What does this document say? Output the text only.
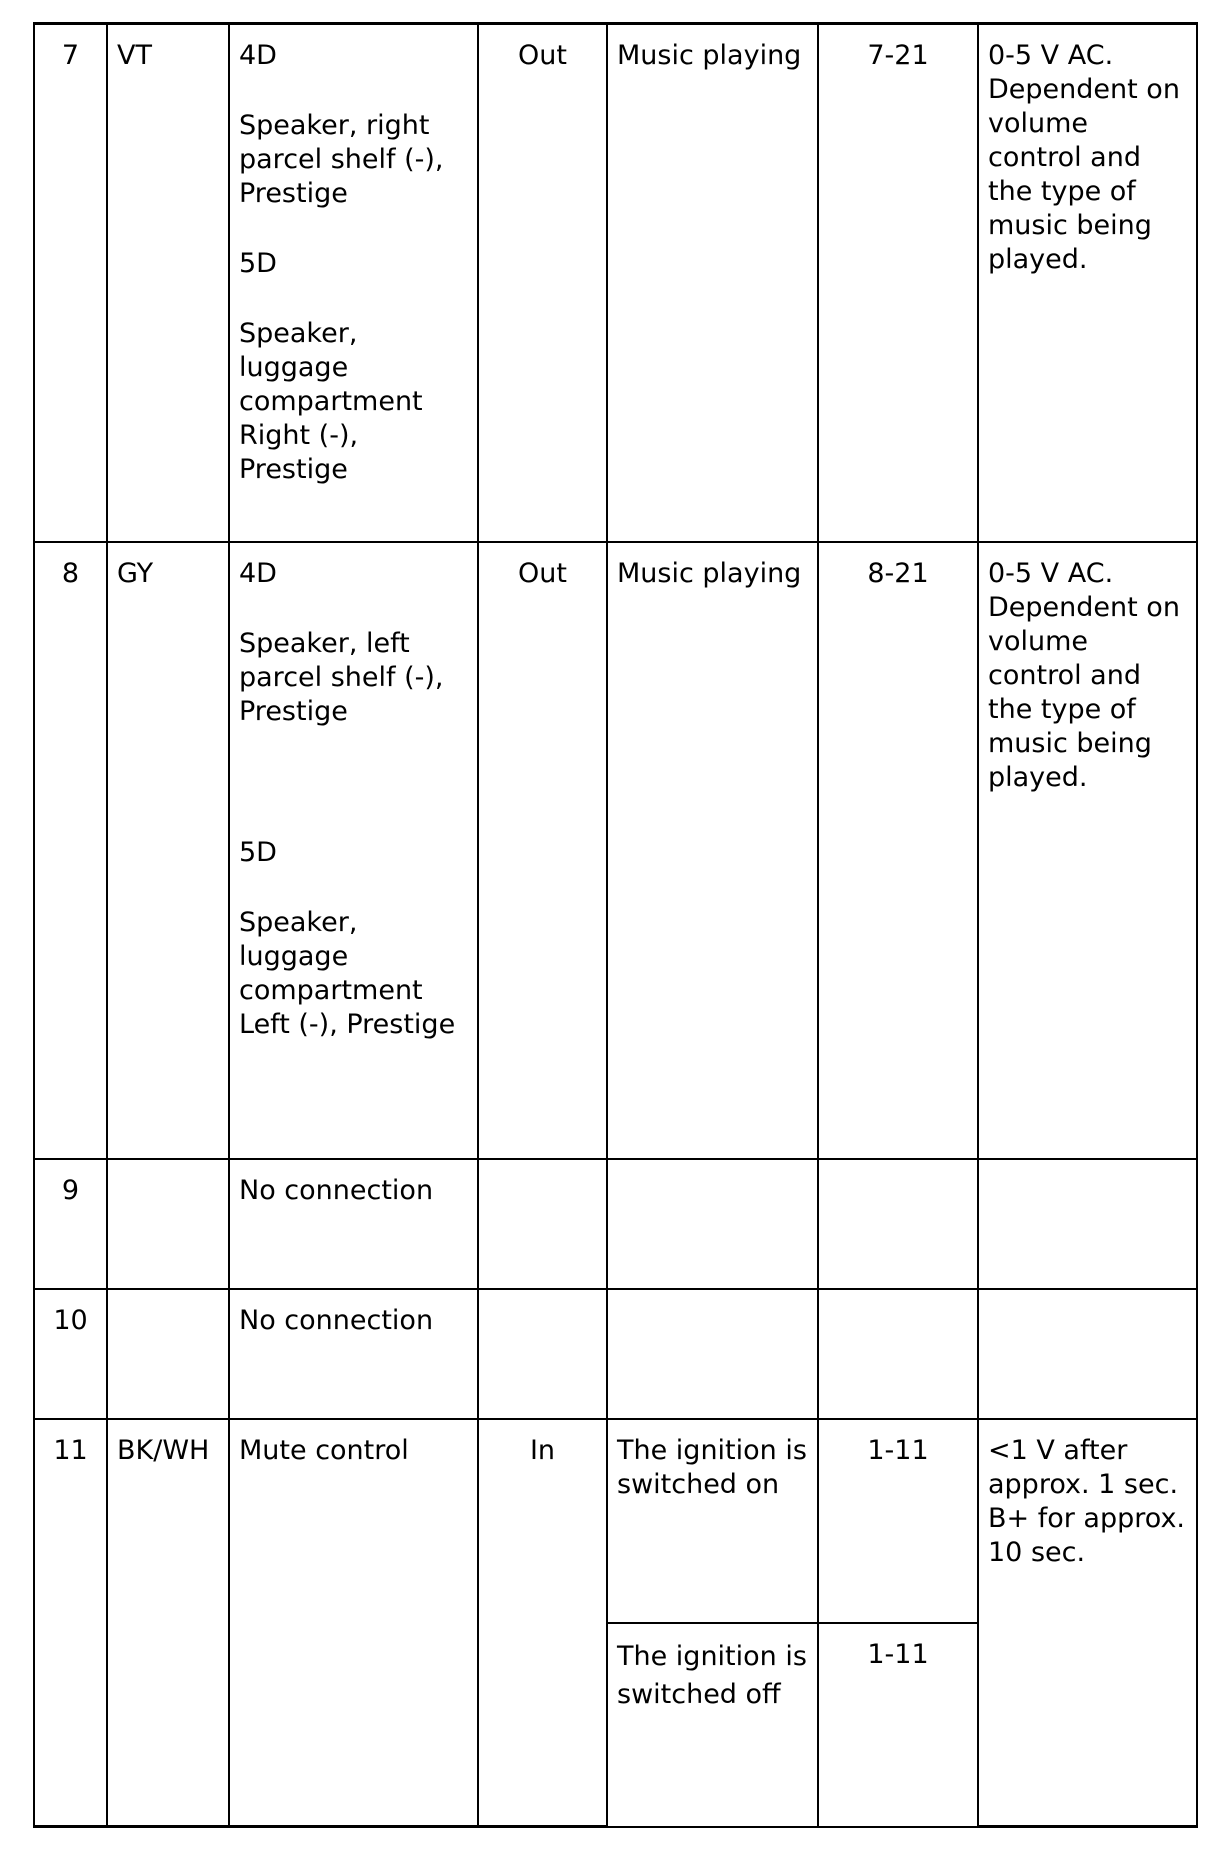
7	VT	4D
Speaker, right parcel shelf (-), Prestige
5D
Speaker, luggage compartment Right (-), Prestige	Out	Music playing	7-21	0-5 V AC. Dependent on volume control and the type of music being played.
8	GY	4D
Speaker, left parcel shelf (-), Prestige
5D
Speaker, luggage compartment Left (-), Prestige	Out	Music playing	8-21	0-5 V AC. Dependent on volume control and the type of music being played.
9		No connection				
10		No connection				
11	BK/WH	Mute control	In	The ignition is switched on	1-11	<1 V after approx. 1 sec. B+ for approx. 10 sec.
				The ignition is switched off	1-11	
